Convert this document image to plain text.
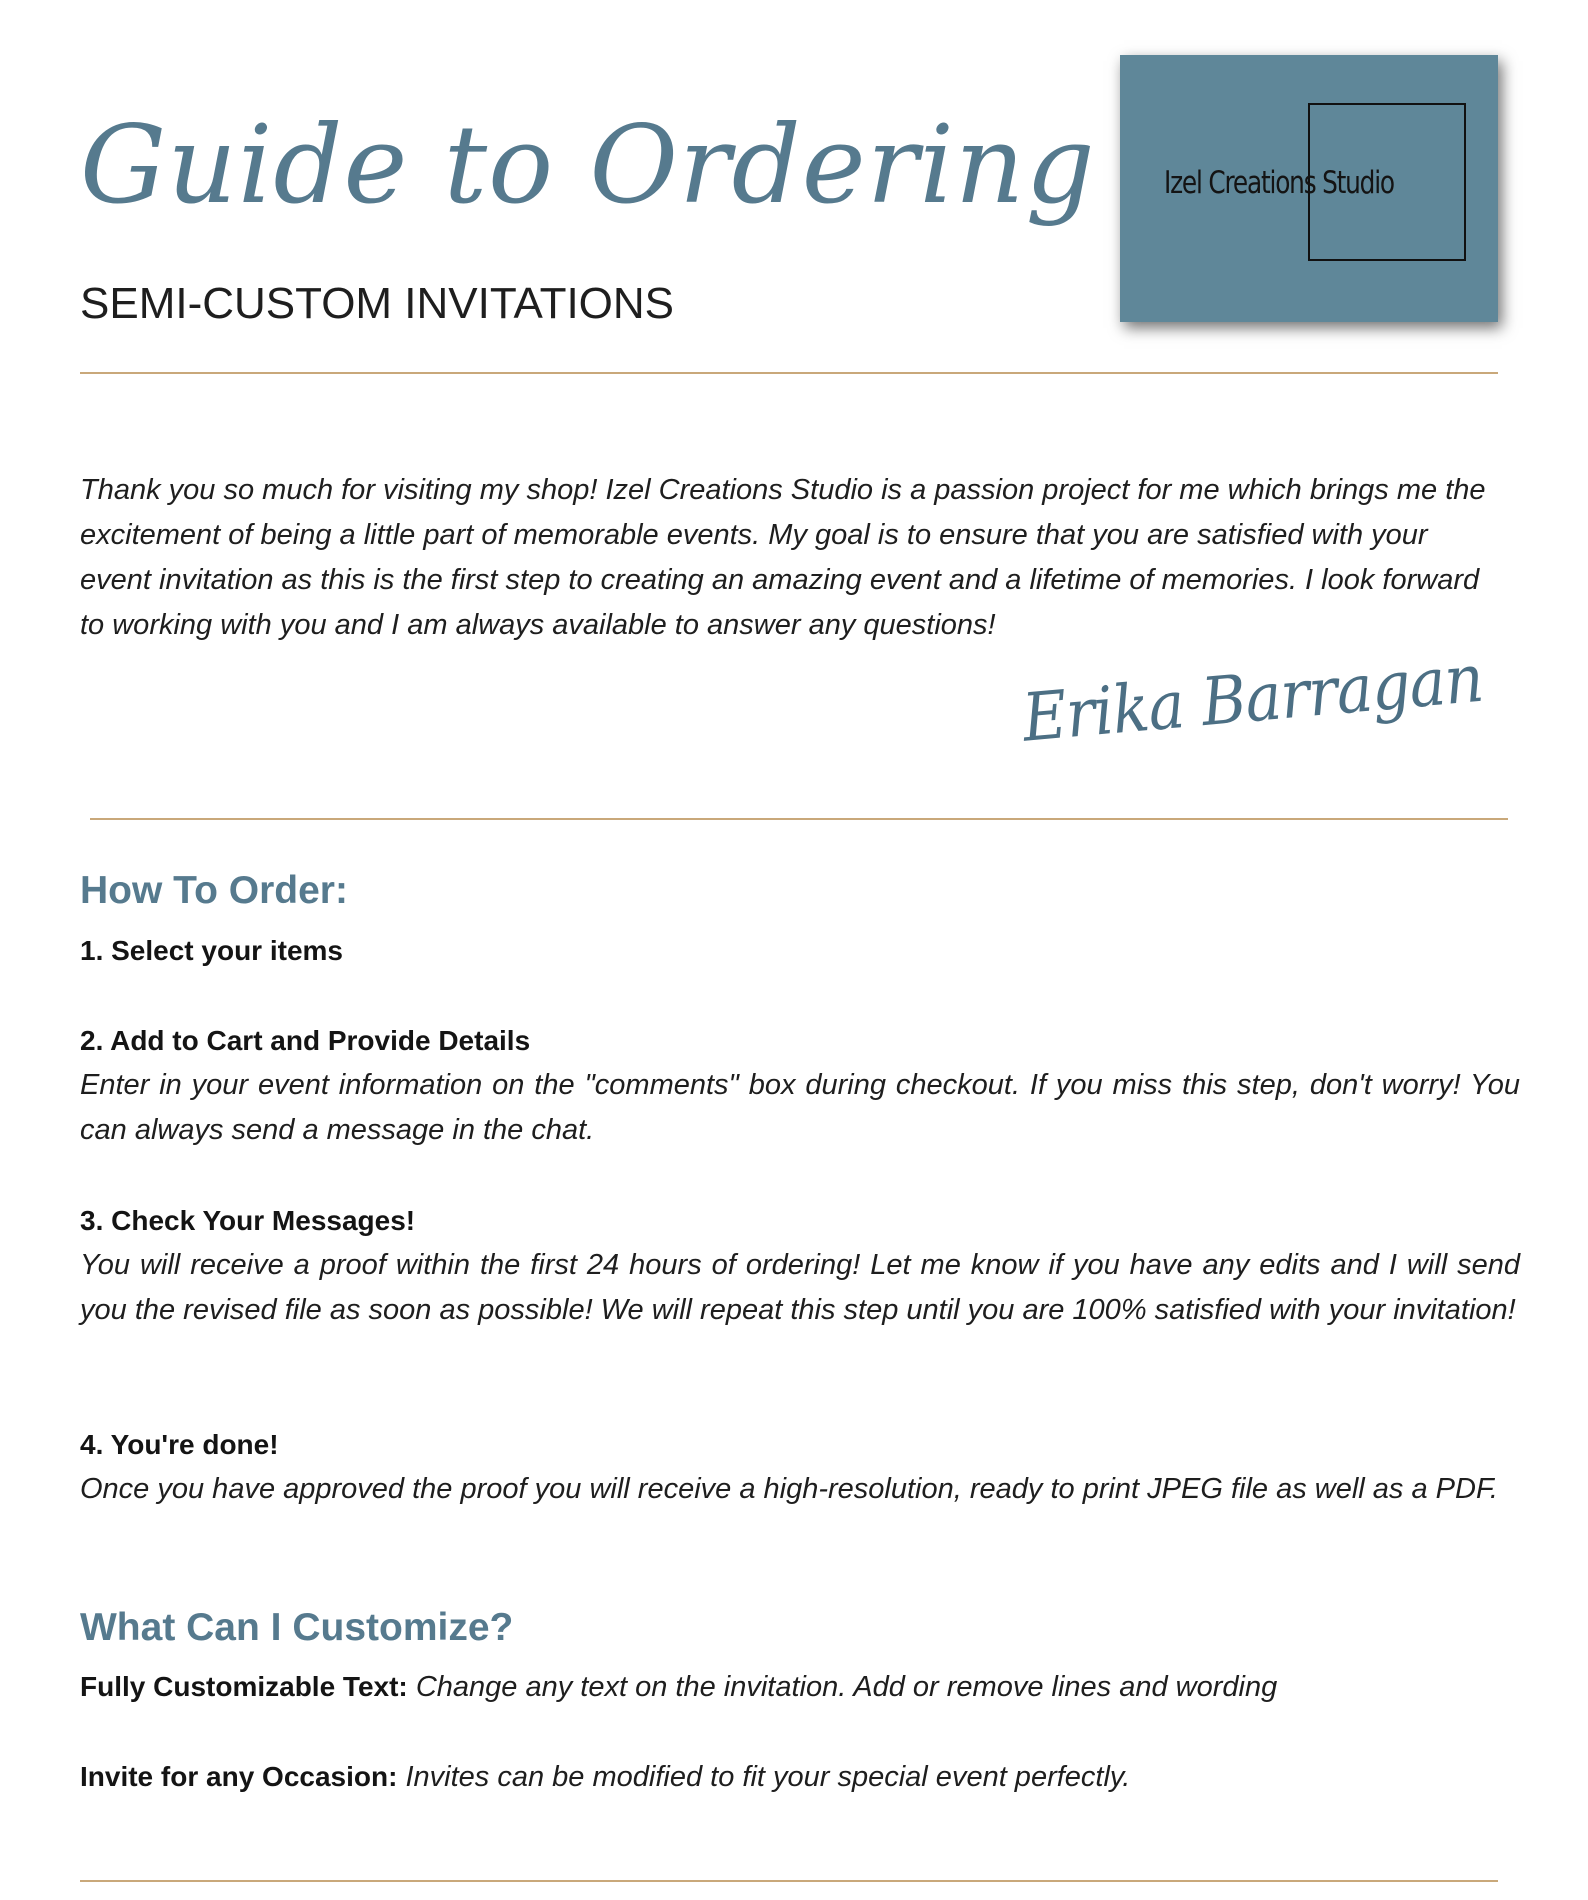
Guide to Ordering
SEMI-CUSTOM INVITATIONS
Izel Creations Studio

Thank you so much for visiting my shop! Izel Creations Studio is a passion project for me which brings me the excitement of being a little part of memorable events. My goal is to ensure that you are satisfied with your event invitation as this is the first step to creating an amazing event and a lifetime of memories. I look forward to working with you and I am always available to answer any questions!

Erika Barragan
How To Order:

1. Select your items

2. Add to Cart and Provide Details

Enter in your event information on the "comments" box during checkout. If you miss this step, don't worry! You can always send a message in the chat.

3. Check Your Messages!

You will receive a proof within the first 24 hours of ordering! Let me know if you have any edits and I will send you the revised file as soon as possible! We will repeat this step until you are 100% satisfied with your invitation!

4. You're done!

Once you have approved the proof you will receive a high-resolution, ready to print JPEG file as well as a PDF.

What Can I Customize?

Fully Customizable Text: Change any text on the invitation. Add or remove lines and wording

Invite for any Occasion: Invites can be modified to fit your special event perfectly.
